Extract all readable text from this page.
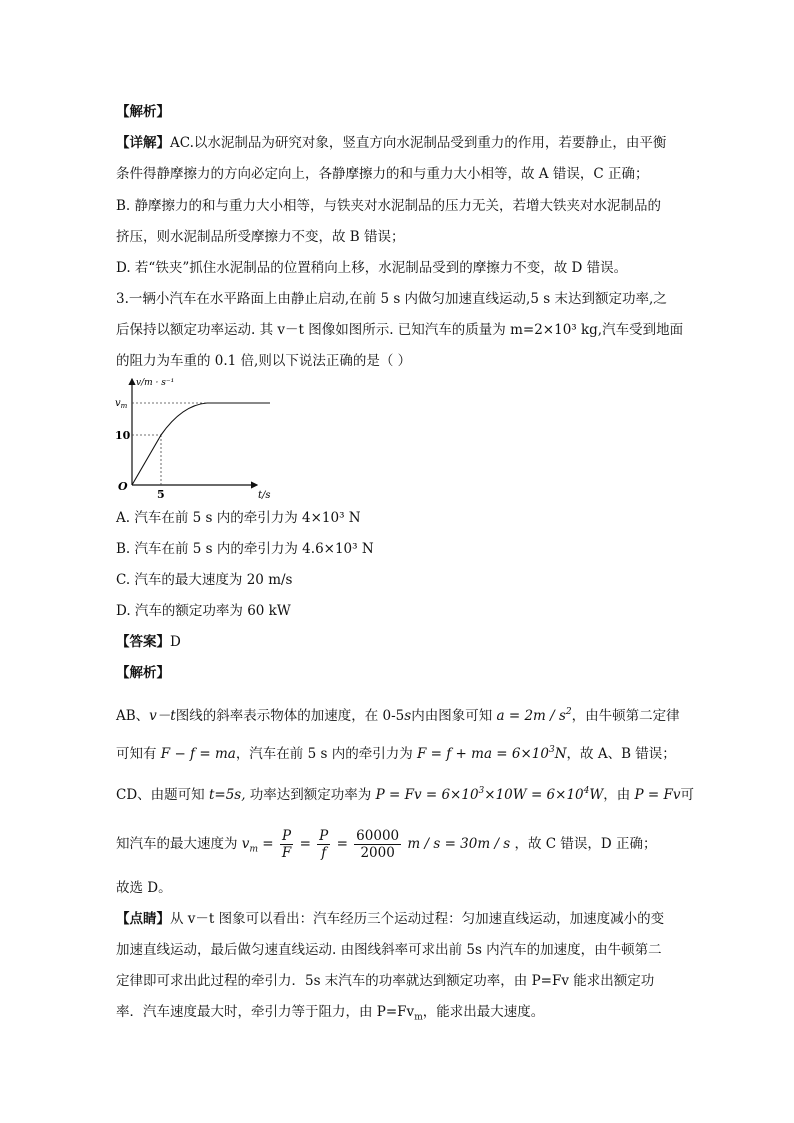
【解析】
【详解】AC.以水泥制品为研究对象，竖直方向水泥制品受到重力的作用，若要静止，由平衡
条件得静摩擦力的方向必定向上，各静摩擦力的和与重力大小相等，故 A 错误，C 正确；
B. 静摩擦力的和与重力大小相等，与铁夹对水泥制品的压力无关，若增大铁夹对水泥制品的
挤压，则水泥制品所受摩擦力不变，故 B 错误；
D. 若“铁夹”抓住水泥制品的位置稍向上移，水泥制品受到的摩擦力不变，故 D 错误。
3.一辆小汽车在水平路面上由静止启动,在前 5 s 内做匀加速直线运动,5 s 末达到额定功率,之
后保持以额定功率运动. 其 v－t 图像如图所示. 已知汽车的质量为 m=2×10³ kg,汽车受到地面
的阻力为车重的 0.1 倍,则以下说法正确的是（ ）
v/m · s⁻¹
$v_m$
10
O
5	t/s
A. 汽车在前 5 s 内的牵引力为 4×10³ N
B. 汽车在前 5 s 内的牵引力为 4.6×10³ N
C. 汽车的最大速度为 20 m/s
D. 汽车的额定功率为 60 kW
【答案】D
【解析】
AB、v－t图线的斜率表示物体的加速度，在 0-5s内由图象可知 $a = 2m / s^2$，由牛顿第二定律
可知有 F − f = ma，汽车在前 5 s 内的牵引力为 F = f + ma = $6\times 10^3N$，故 A、B 错误；
CD、由题可知 t=5s, 功率达到额定功率为 $P = Fv = 6\times 10^3\times 10W = 6\times 10^4W$，由 P = Fv可
知汽车的最大速度为 $v_m = \frac{P}{F} = \frac{P}{f} = \frac{60000}{2000}$ m / s = 30m / s ，故 C 错误，D 正确；
故选 D。
【点睛】从 v－t 图象可以看出：汽车经历三个运动过程：匀加速直线运动，加速度减小的变
加速直线运动，最后做匀速直线运动. 由图线斜率可求出前 5s 内汽车的加速度，由牛顿第二
定律即可求出此过程的牵引力．5s 末汽车的功率就达到额定功率，由 P=Fv 能求出额定功
率．汽车速度最大时，牵引力等于阻力，由 $P=Fv_m$，能求出最大速度。
